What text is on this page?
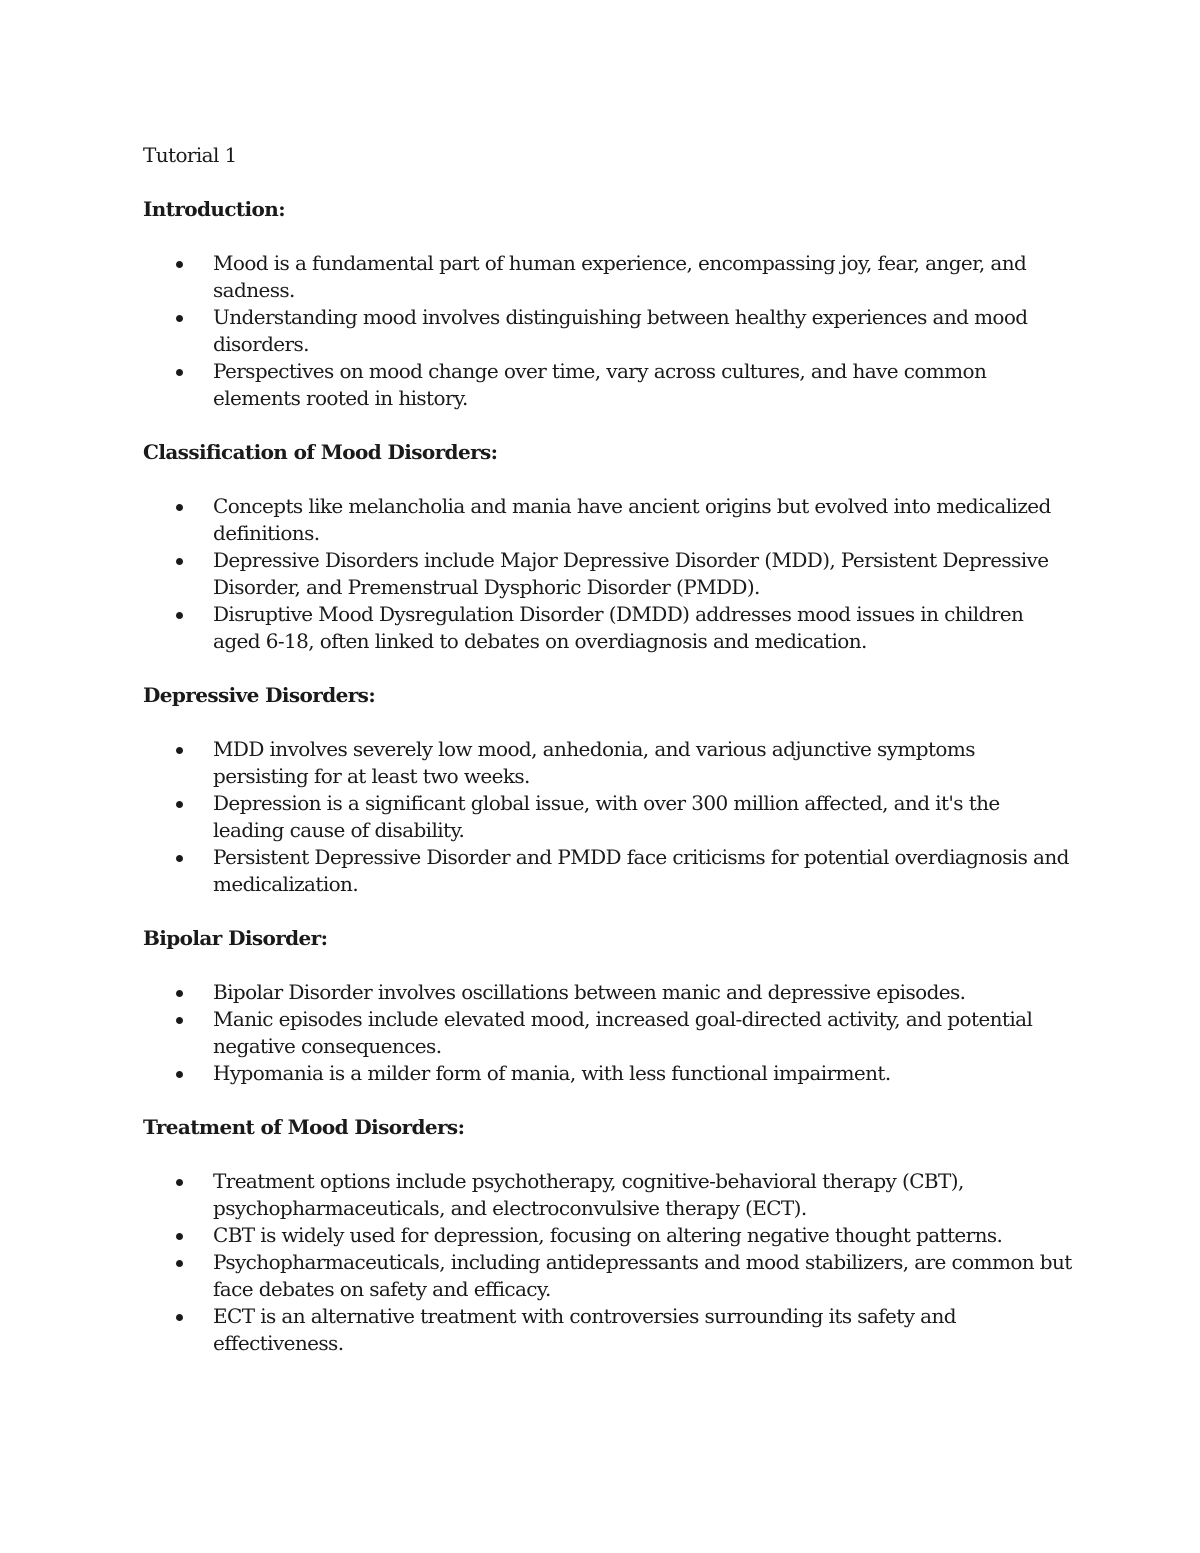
Tutorial 1

Introduction:
Mood is a fundamental part of human experience, encompassing joy, fear, anger, and sadness.
Understanding mood involves distinguishing between healthy experiences and mood disorders.
Perspectives on mood change over time, vary across cultures, and have common elements rooted in history.
Classification of Mood Disorders:
Concepts like melancholia and mania have ancient origins but evolved into medicalized definitions.
Depressive Disorders include Major Depressive Disorder (MDD), Persistent Depressive Disorder, and Premenstrual Dysphoric Disorder (PMDD).
Disruptive Mood Dysregulation Disorder (DMDD) addresses mood issues in children aged 6-18, often linked to debates on overdiagnosis and medication.
Depressive Disorders:
MDD involves severely low mood, anhedonia, and various adjunctive symptoms persisting for at least two weeks.
Depression is a significant global issue, with over 300 million affected, and it's the leading cause of disability.
Persistent Depressive Disorder and PMDD face criticisms for potential overdiagnosis and medicalization.
Bipolar Disorder:
Bipolar Disorder involves oscillations between manic and depressive episodes.
Manic episodes include elevated mood, increased goal-directed activity, and potential negative consequences.
Hypomania is a milder form of mania, with less functional impairment.
Treatment of Mood Disorders:
Treatment options include psychotherapy, cognitive-behavioral therapy (CBT), psychopharmaceuticals, and electroconvulsive therapy (ECT).
CBT is widely used for depression, focusing on altering negative thought patterns.
Psychopharmaceuticals, including antidepressants and mood stabilizers, are common but face debates on safety and efficacy.
ECT is an alternative treatment with controversies surrounding its safety and effectiveness.
